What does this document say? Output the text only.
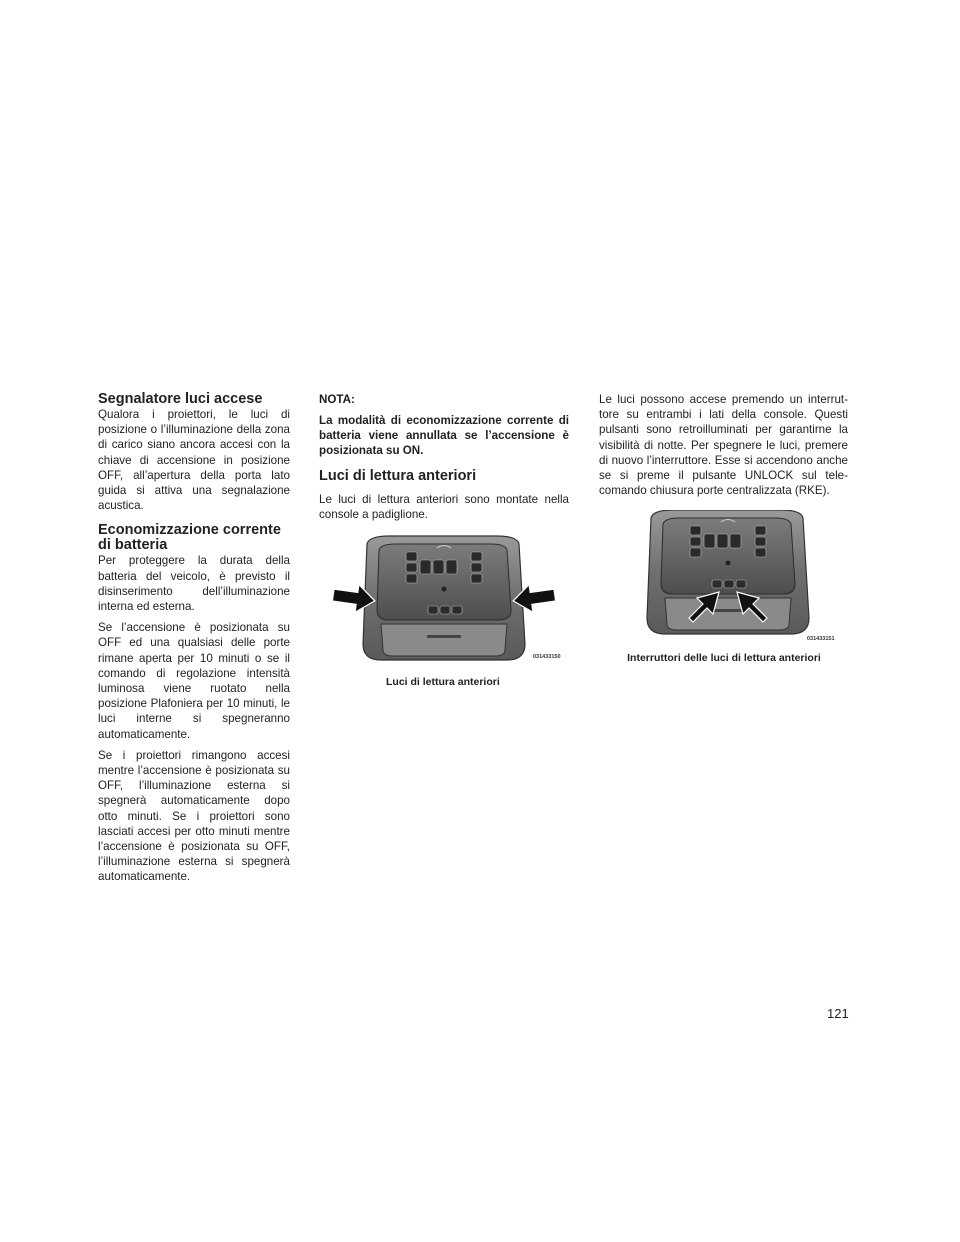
Segnalatore luci accese

Qualora i proiettori, le luci di posizione o l’illuminazione della zona di carico siano ancora accesi con la chiave di accensione in posizione OFF, all’apertura della porta lato guida si attiva una segnalazione acustica.

Economizzazione corrente di batteria

Per proteggere la durata della batteria del veicolo, è previsto il disinserimento dell’illuminazione interna ed esterna.

Se l’accensione è posizionata su OFF ed una qualsiasi delle porte rimane aperta per 10 minuti o se il comando di regolazione intensità luminosa viene ruotato nella posizione Plafoniera per 10 minuti, le luci interne si spegneranno automaticamente.

Se i proiettori rimangono accesi mentre l’accensione è posizionata su OFF, l’illuminazione esterna si spegnerà automaticamente dopo otto minuti. Se i proiettori sono lasciati accesi per otto minuti mentre l’accensione è posizionata su OFF, l’illuminazione esterna si spegnerà automaticamente.

NOTA:

La modalità di economizzazione corrente di batteria viene annullata se l’accensione è posizionata su ON.

Luci di lettura anteriori

Le luci di lettura anteriori sono montate nella console a padiglione.

031433150
Luci di lettura anteriori

Le luci possono accese premendo un interruttore su entrambi i lati della console. Questi pulsanti sono retroilluminati per garantirne la visibilità di notte. Per spegnere le luci, premere di nuovo l’interruttore. Esse si accendono anche se si preme il pulsante UNLOCK sul telecomando chiusura porte centralizzata (RKE).

031433151
Interruttori delle luci di lettura anteriori
121
